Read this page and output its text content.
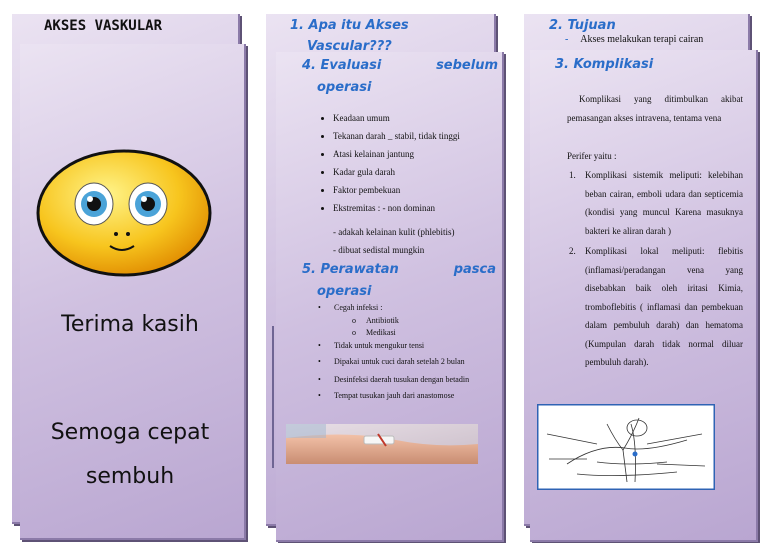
AKSES VASKULAR
Terima kasih
Semoga cepat
sembuh
1. Apa itu Akses
Vascular???
4. Evaluasi	sebelum
operasi
• Keadaan umum
• Tekanan darah _ stabil, tidak tinggi
• Atasi kelainan jantung
• Kadar gula darah
• Faktor pembekuan
• Ekstremitas : - non dominan
- adakah kelainan kulit (phlebitis)
- dibuat sedistal mungkin
5. Perawatan	pasca
operasi
• Cegah infeksi :
o Antibiotik
o Medikasi
• Tidak untuk mengukur tensi
• Dipakai untuk cuci darah setelah 2 bulan
• Desinfeksi daerah tusukan dengan betadin
• Tempat tusukan jauh dari anastomose
2. Tujuan
- Akses melakukan terapi cairan
3. Komplikasi
Komplikasi yang ditimbulkan akibat pemasangan akses intravena, tentama vena
Perifer yaitu :
1. Komplikasi sistemik meliputi: kelebihan beban cairan, emboli udara dan septicemia (kondisi yang muncul Karena masuknya bakteri ke aliran darah )
2. Komplikasi lokal meliputi: flebitis (inflamasi/peradangan vena yang disebabkan baik oleh iritasi Kimia, tromboflebitis ( inflamasi dan pembekuan dalam pembuluh darah) dan hematoma (Kumpulan darah tidak normal diluar pembuluh darah).
